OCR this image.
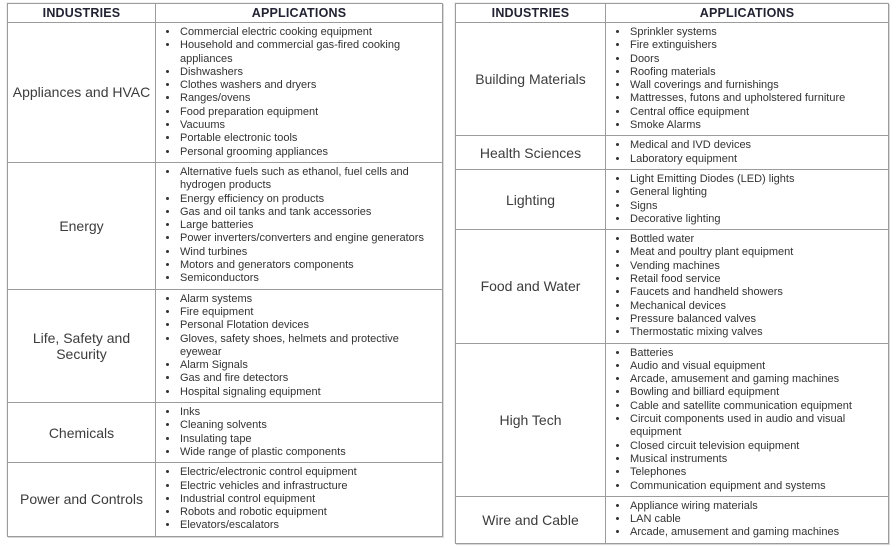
INDUSTRIES	APPLICATIONS
Appliances and HVAC	
• Commercial electric cooking equipment
• Household and commercial gas-fired cooking appliances
• Dishwashers
• Clothes washers and dryers
• Ranges/ovens
• Food preparation equipment
• Vacuums
• Portable electronic tools
• Personal grooming appliances

Energy	
• Alternative fuels such as ethanol, fuel cells and hydrogen products
• Energy efficiency on products
• Gas and oil tanks and tank accessories
• Large batteries
• Power inverters/converters and engine generators
• Wind turbines
• Motors and generators components
• Semiconductors

Life, Safety and Security	
• Alarm systems
• Fire equipment
• Personal Flotation devices
• Gloves, safety shoes, helmets and protective eyewear
• Alarm Signals
• Gas and fire detectors
• Hospital signaling equipment

Chemicals	
• Inks
• Cleaning solvents
• Insulating tape
• Wide range of plastic components

Power and Controls	
• Electric/electronic control equipment
• Electric vehicles and infrastructure
• Industrial control equipment
• Robots and robotic equipment
• Elevators/escalators
INDUSTRIES	APPLICATIONS
Building Materials	
• Sprinkler systems
• Fire extinguishers
• Doors
• Roofing materials
• Wall coverings and furnishings
• Mattresses, futons and upholstered furniture
• Central office equipment
• Smoke Alarms

Health Sciences	
•Medical and IVD devices
• Laboratory equipment

Lighting	
• Light Emitting Diodes (LED) lights
• General lighting
• Signs
• Decorative lighting

Food and Water	
• Bottled water
• Meat and poultry plant equipment
• Vending machines
• Retail food service
• Faucets and handheld showers
• Mechanical devices
• Pressure balanced valves
• Thermostatic mixing valves

High Tech	
• Batteries
• Audio and visual equipment
• Arcade, amusement and gaming machines
• Bowling and billiard equipment
• Cable and satellite communication equipment
• Circuit components used in audio and visual equipment
• Closed circuit television equipment
• Musical instruments
• Telephones
• Communication equipment and systems

Wire and Cable	
• Appliance wiring materials
• LAN cable
• Arcade, amusement and gaming machines
